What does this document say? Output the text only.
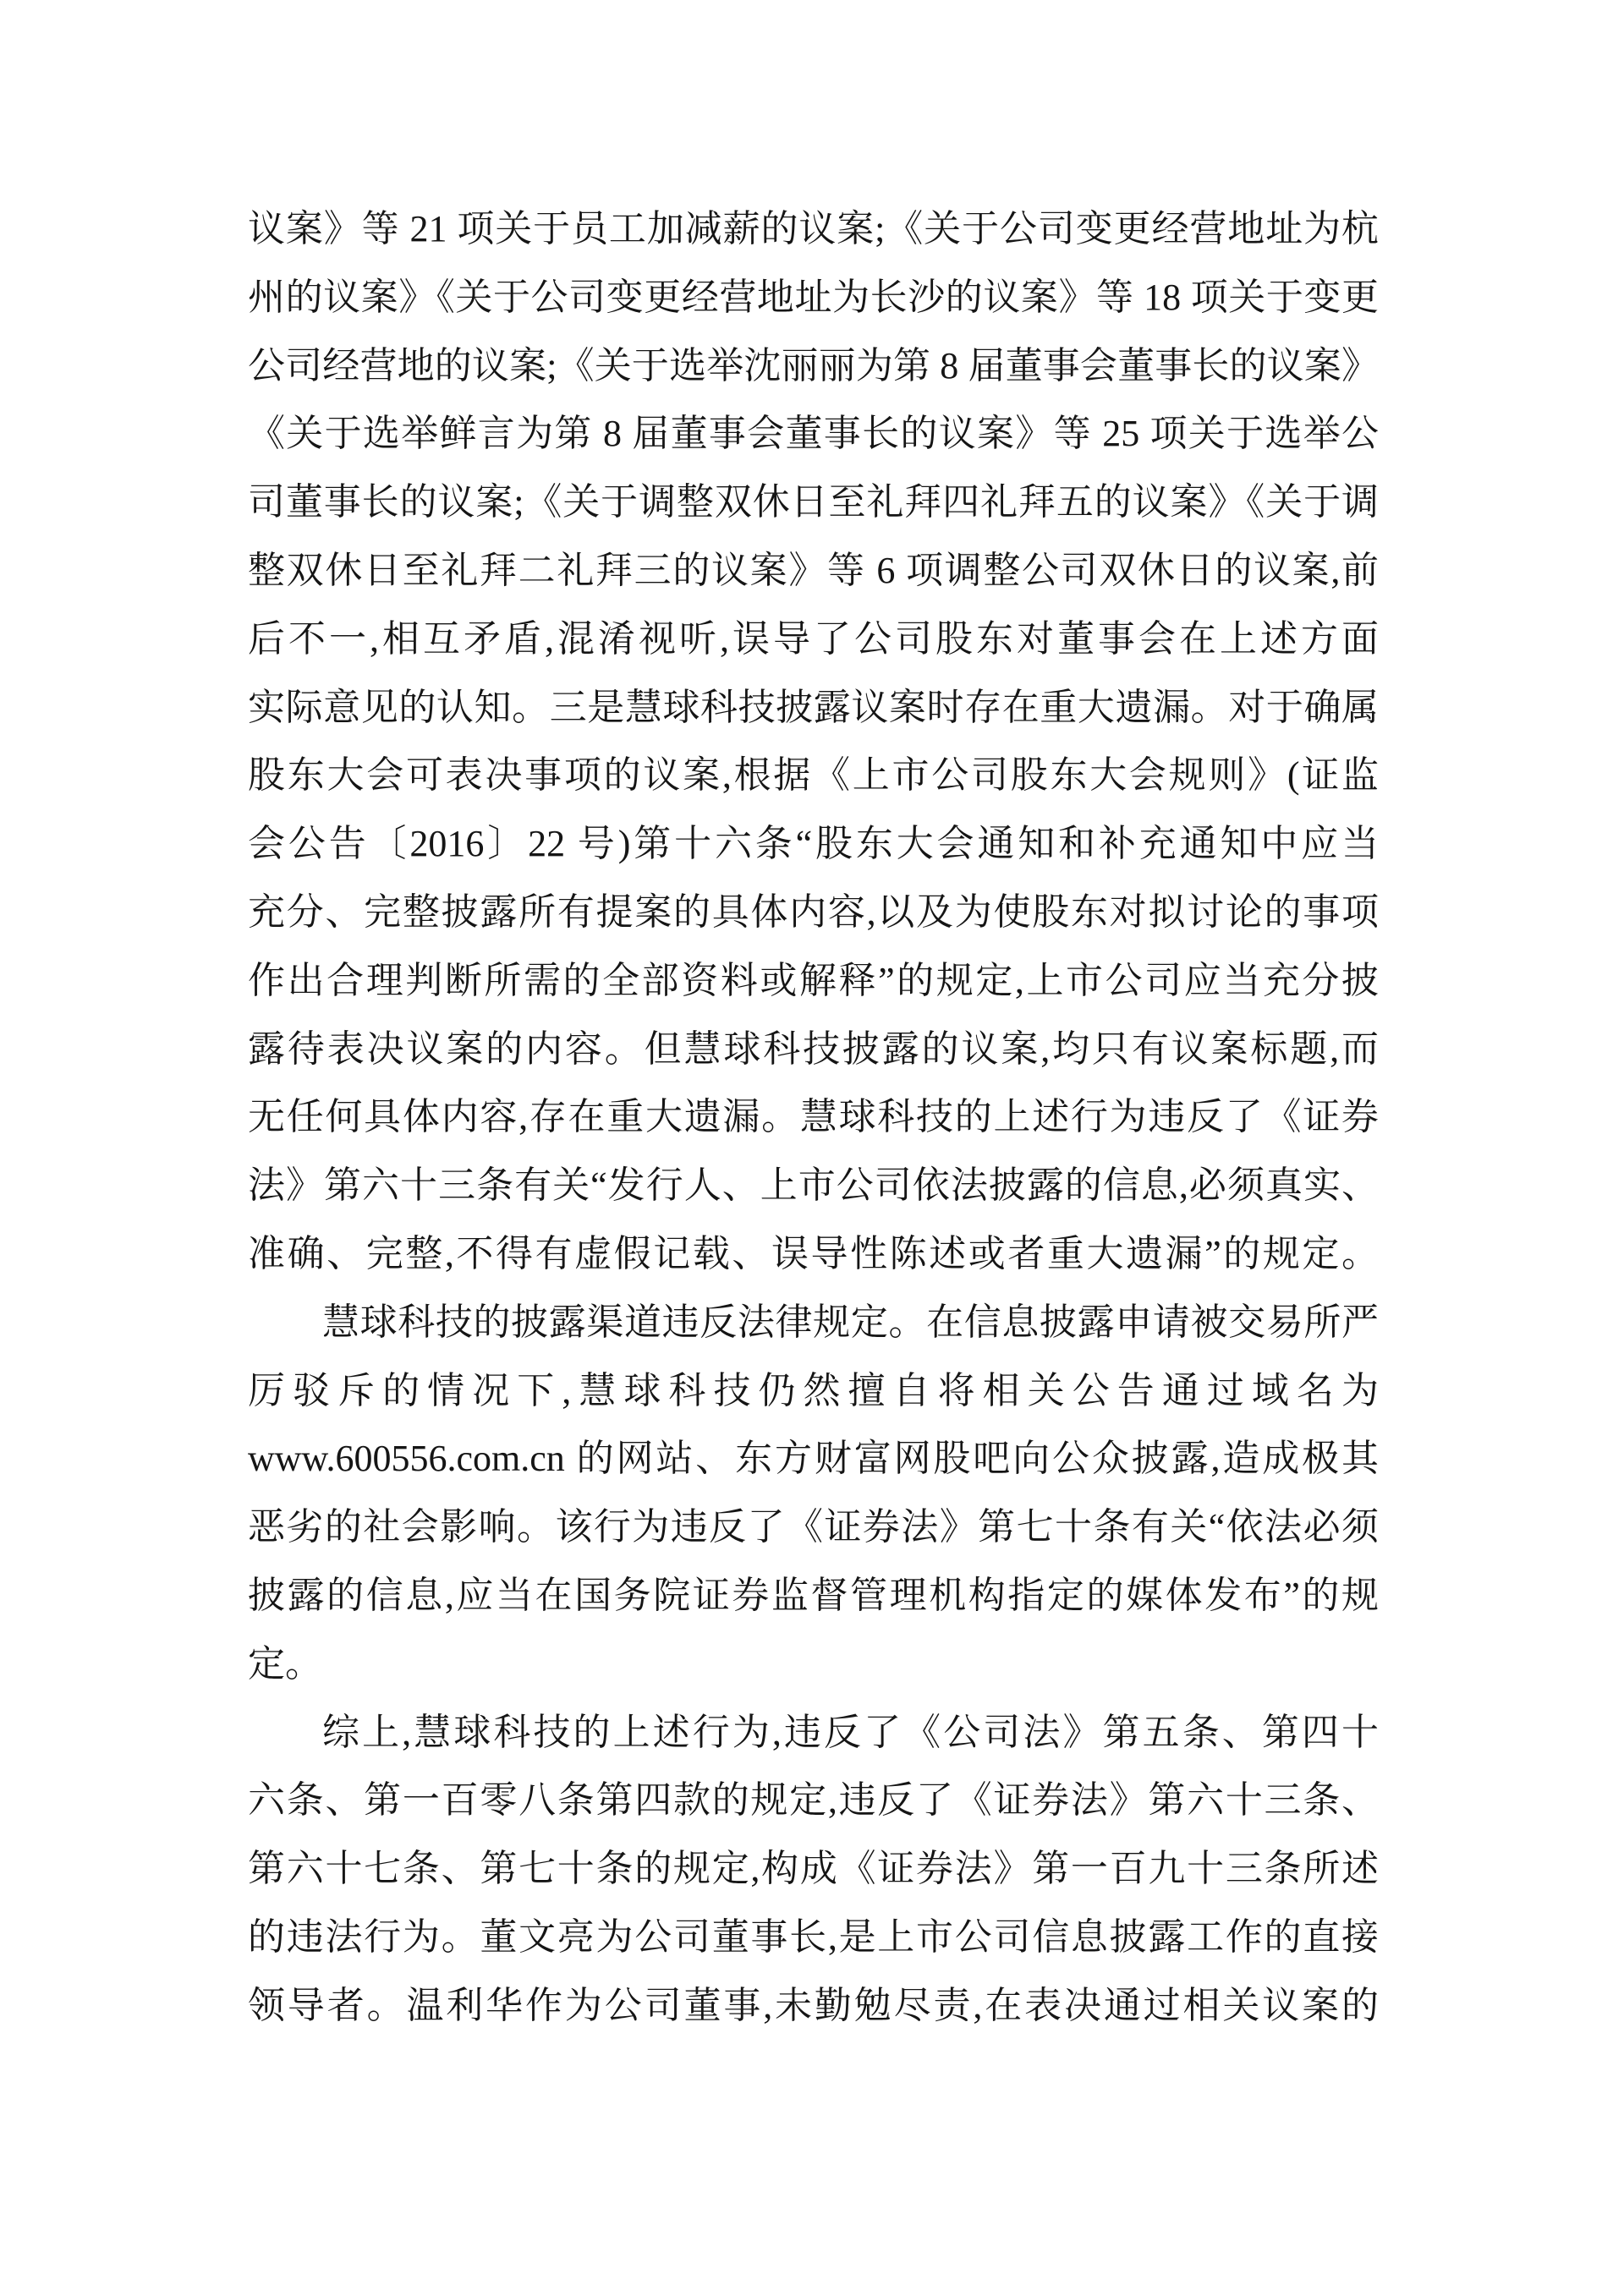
议案》等 21 项关于员工加减薪的议案;《关于公司变更经营地址为杭
州的议案》《关于公司变更经营地址为长沙的议案》等 18 项关于变更
公司经营地的议案;《关于选举沈丽丽为第 8 届董事会董事长的议案》
《关于选举鲜言为第 8 届董事会董事长的议案》等 25 项关于选举公
司董事长的议案;《关于调整双休日至礼拜四礼拜五的议案》《关于调
整双休日至礼拜二礼拜三的议案》等 6 项调整公司双休日的议案,前
后不一,相互矛盾,混淆视听,误导了公司股东对董事会在上述方面
实际意见的认知。三是慧球科技披露议案时存在重大遗漏。对于确属
股东大会可表决事项的议案,根据《上市公司股东大会规则》(证监
会公告〔2016〕22 号)第十六条“股东大会通知和补充通知中应当
充分、完整披露所有提案的具体内容,以及为使股东对拟讨论的事项
作出合理判断所需的全部资料或解释”的规定,上市公司应当充分披
露待表决议案的内容。但慧球科技披露的议案,均只有议案标题,而
无任何具体内容,存在重大遗漏。慧球科技的上述行为违反了《证券
法》第六十三条有关“发行人、上市公司依法披露的信息,必须真实、
准确、完整,不得有虚假记载、误导性陈述或者重大遗漏”的规定。
慧球科技的披露渠道违反法律规定。在信息披露申请被交易所严
厉驳斥的情况下,慧球科技仍然擅自将相关公告通过域名为
www.600556.com.cn 的网站、东方财富网股吧向公众披露,造成极其
恶劣的社会影响。该行为违反了《证券法》第七十条有关“依法必须
披露的信息,应当在国务院证券监督管理机构指定的媒体发布”的规
定。
综上,慧球科技的上述行为,违反了《公司法》第五条、第四十
六条、第一百零八条第四款的规定,违反了《证券法》第六十三条、
第六十七条、第七十条的规定,构成《证券法》第一百九十三条所述
的违法行为。董文亮为公司董事长,是上市公司信息披露工作的直接
领导者。温利华作为公司董事,未勤勉尽责,在表决通过相关议案的
